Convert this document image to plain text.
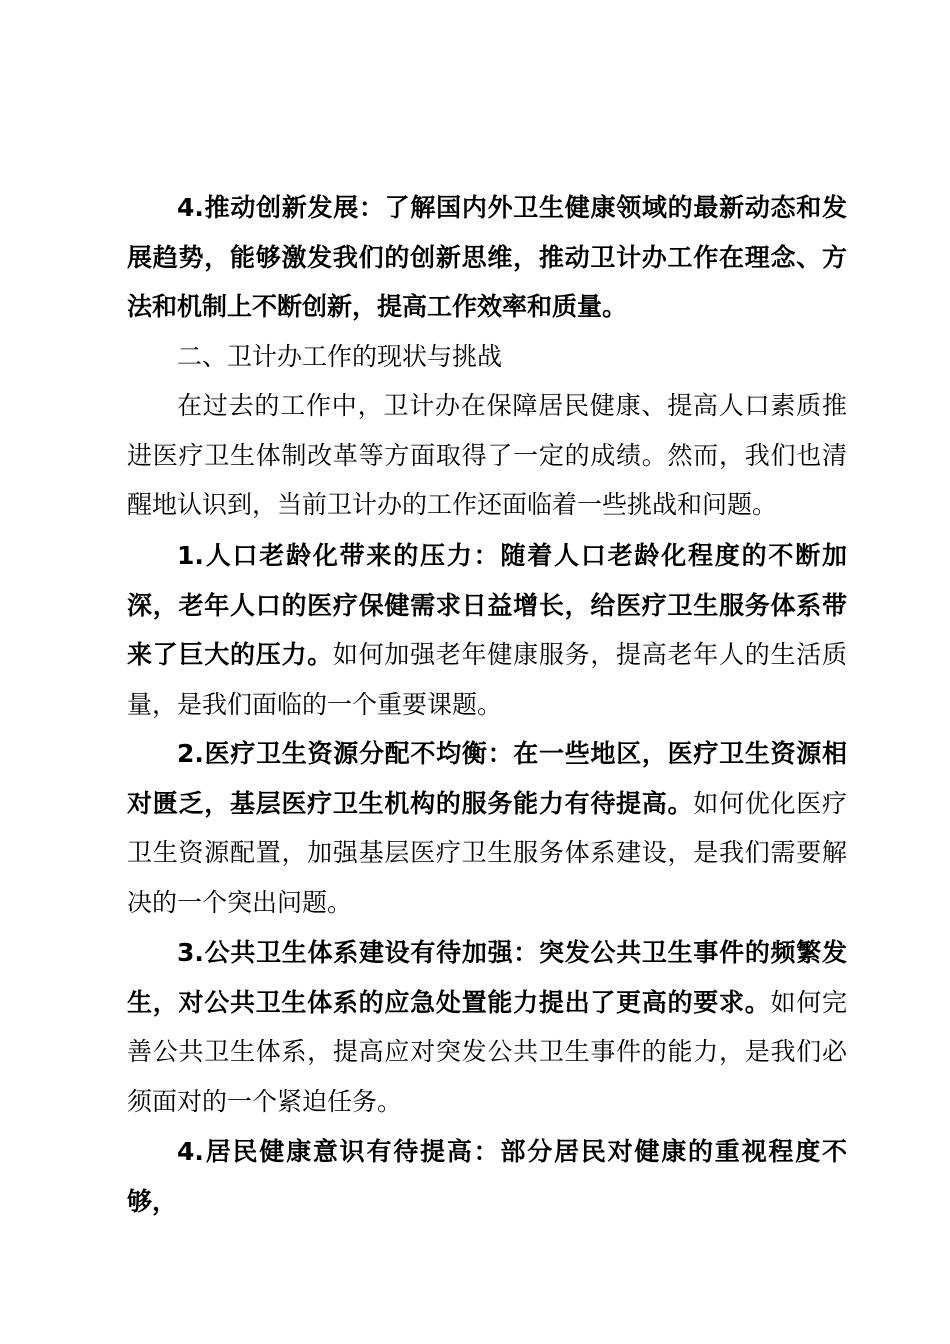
4.推动创新发展：了解国内外卫生健康领域的最新动态和发展趋势，能够激发我们的创新思维，推动卫计办工作在理念、方法和机制上不断创新，提高工作效率和质量。

二、卫计办工作的现状与挑战

在过去的工作中，卫计办在保障居民健康、提高人口素质推进医疗卫生体制改革等方面取得了一定的成绩。然而，我们也清醒地认识到，当前卫计办的工作还面临着一些挑战和问题。

1.人口老龄化带来的压力：随着人口老龄化程度的不断加深，老年人口的医疗保健需求日益增长，给医疗卫生服务体系带来了巨大的压力。如何加强老年健康服务，提高老年人的生活质量，是我们面临的一个重要课题。

2.医疗卫生资源分配不均衡：在一些地区，医疗卫生资源相对匮乏，基层医疗卫生机构的服务能力有待提高。如何优化医疗卫生资源配置，加强基层医疗卫生服务体系建设，是我们需要解决的一个突出问题。

3.公共卫生体系建设有待加强：突发公共卫生事件的频繁发生，对公共卫生体系的应急处置能力提出了更高的要求。如何完善公共卫生体系，提高应对突发公共卫生事件的能力，是我们必须面对的一个紧迫任务。

4.居民健康意识有待提高：部分居民对健康的重视程度不够，
